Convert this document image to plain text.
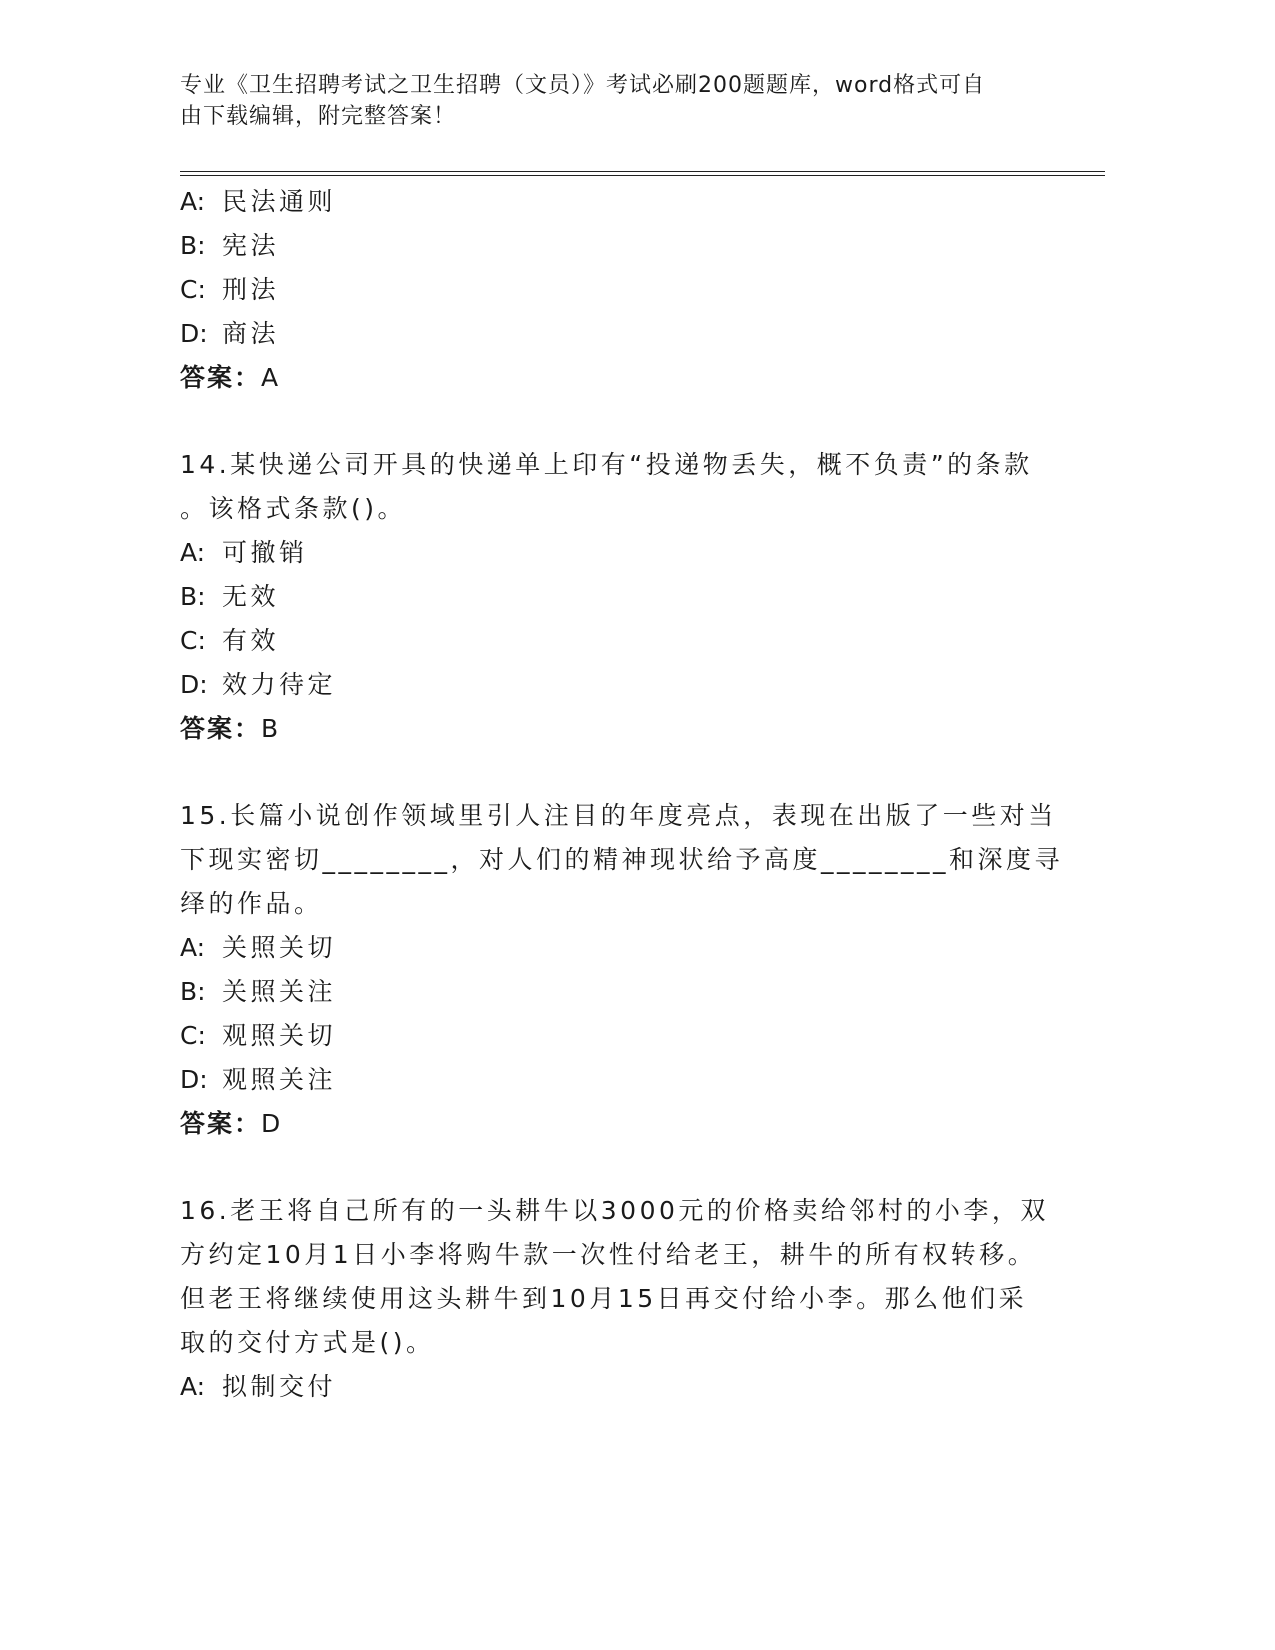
专业《卫生招聘考试之卫生招聘（文员）》考试必刷200题题库，word格式可自
由下载编辑，附完整答案！
A: 民法通则
B: 宪法
C: 刑法
D: 商法
答案：A
14.某快递公司开具的快递单上印有“投递物丢失，概不负责”的条款
。该格式条款()。
A: 可撤销
B: 无效
C: 有效
D: 效力待定
答案：B
15.长篇小说创作领域里引人注目的年度亮点，表现在出版了一些对当
下现实密切________，对人们的精神现状给予高度________和深度寻
绎的作品。
A: 关照关切
B: 关照关注
C: 观照关切
D: 观照关注
答案：D
16.老王将自己所有的一头耕牛以3000元的价格卖给邻村的小李，双
方约定10月1日小李将购牛款一次性付给老王，耕牛的所有权转移。
但老王将继续使用这头耕牛到10月15日再交付给小李。那么他们采
取的交付方式是()。
A: 拟制交付
